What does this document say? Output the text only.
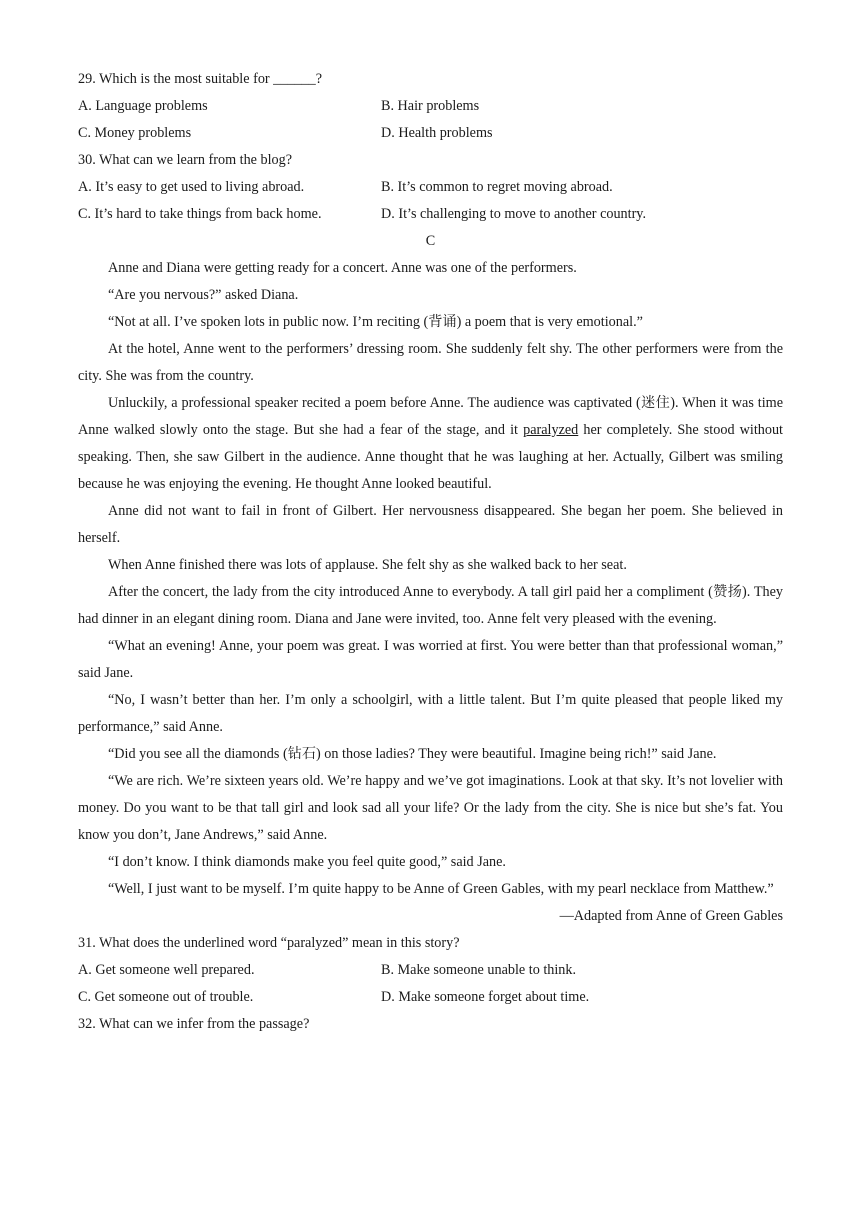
29. Which is the most suitable for ______?
A. Language problems	B. Hair problems
C. Money problems	D. Health problems
30. What can we learn from the blog?
A. It’s easy to get used to living abroad.	B. It’s common to regret moving abroad.
C. It’s hard to take things from back home.	D. It’s challenging to move to another country.
C

Anne and Diana were getting ready for a concert. Anne was one of the performers.

“Are you nervous?” asked Diana.

“Not at all. I’ve spoken lots in public now. I’m reciting (背诵) a poem that is very emotional.”

At the hotel, Anne went to the performers’ dressing room. She suddenly felt shy. The other performers were from the city. She was from the country.

Unluckily, a professional speaker recited a poem before Anne. The audience was captivated (迷住). When it was time Anne walked slowly onto the stage. But she had a fear of the stage, and it paralyzed her completely. She stood without speaking. Then, she saw Gilbert in the audience. Anne thought that he was laughing at her. Actually, Gilbert was smiling because he was enjoying the evening. He thought Anne looked beautiful.

Anne did not want to fail in front of Gilbert. Her nervousness disappeared. She began her poem. She believed in herself.

When Anne finished there was lots of applause. She felt shy as she walked back to her seat.

After the concert, the lady from the city introduced Anne to everybody. A tall girl paid her a compliment (赞扬). They had dinner in an elegant dining room. Diana and Jane were invited, too. Anne felt very pleased with the evening.

“What an evening! Anne, your poem was great. I was worried at first. You were better than that professional woman,” said Jane.

“No, I wasn’t better than her. I’m only a schoolgirl, with a little talent. But I’m quite pleased that people liked my performance,” said Anne.

“Did you see all the diamonds (钻石) on those ladies? They were beautiful. Imagine being rich!” said Jane.

“We are rich. We’re sixteen years old. We’re happy and we’ve got imaginations. Look at that sky. It’s not lovelier with money. Do you want to be that tall girl and look sad all your life? Or the lady from the city. She is nice but she’s fat. You know you don’t, Jane Andrews,” said Anne.

“I don’t know. I think diamonds make you feel quite good,” said Jane.

“Well, I just want to be myself. I’m quite happy to be Anne of Green Gables, with my pearl necklace from Matthew.”

—Adapted from Anne of Green Gables
31. What does the underlined word “paralyzed” mean in this story?
A. Get someone well prepared.	B. Make someone unable to think.
C. Get someone out of trouble.	D. Make someone forget about time.
32. What can we infer from the passage?
